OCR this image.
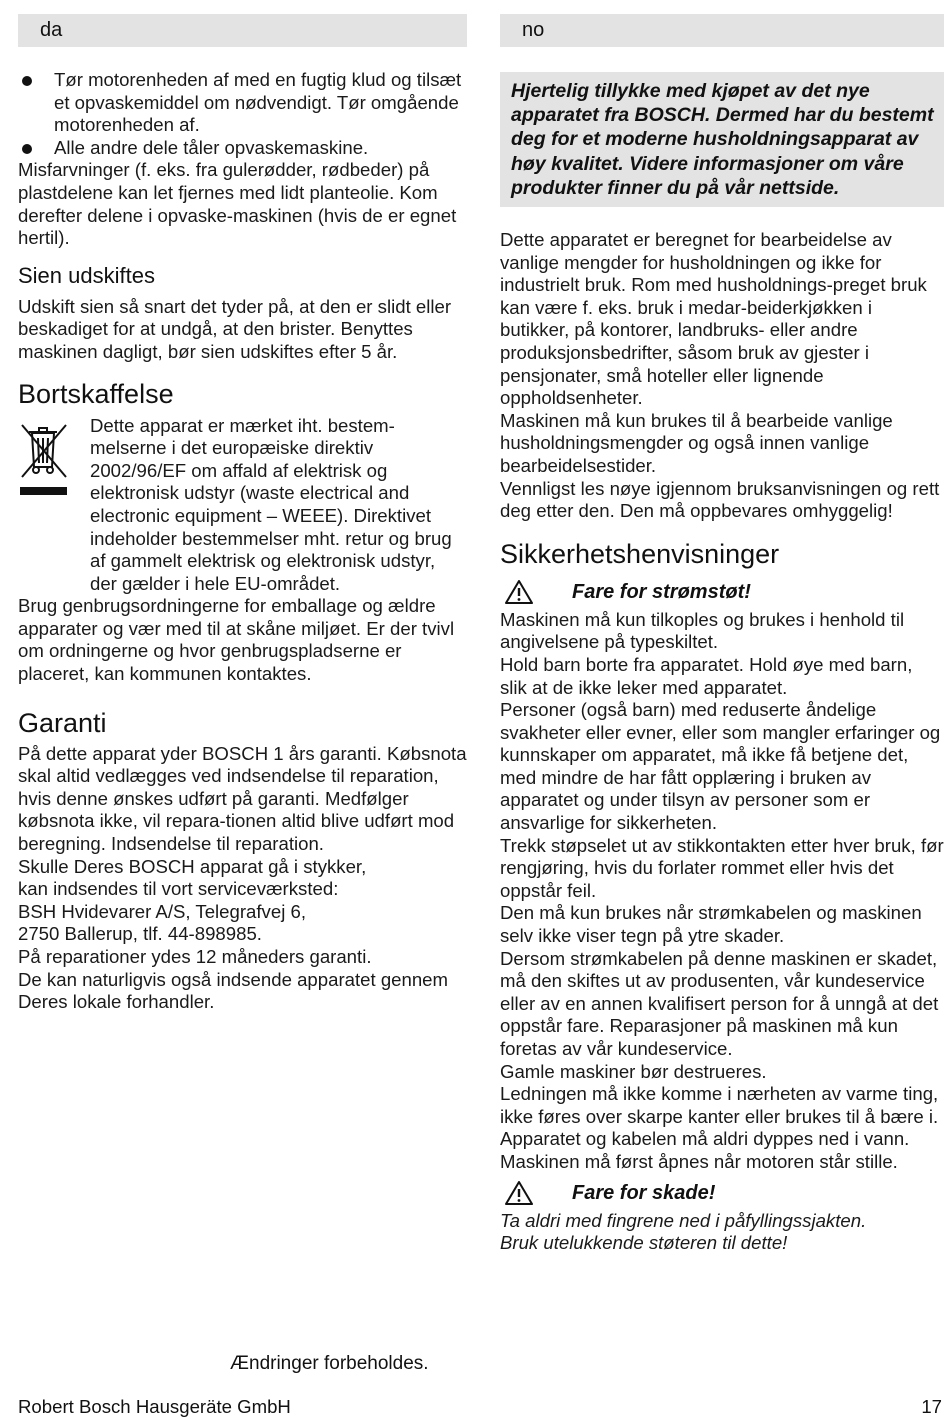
da
Tør motorenheden af med en fugtig klud og tilsæt et opvaskemiddel om nødvendigt. Tør omgående motorenheden af.
Alle andre dele tåler opvaskemaskine.

Misfarvninger (f. eks. fra gulerødder, rødbeder) på plastdelene kan let fjernes med lidt planteolie. Kom derefter delene i opvaske-maskinen (hvis de er egnet hertil).

Sien udskiftes

Udskift sien så snart det tyder på, at den er slidt eller beskadiget for at undgå, at den brister. Benyttes maskinen dagligt, bør sien udskiftes efter 5 år.

Bortskaffelse

Dette apparat er mærket iht. bestem-melserne i det europæiske direktiv 2002/96/EF om affald af elektrisk og elektronisk udstyr (waste electrical and electronic equipment – WEEE). Direktivet indeholder bestemmelser mht. retur og brug af gammelt elektrisk og elektronisk udstyr, der gælder i hele EU-området.

Brug genbrugsordningerne for emballage og ældre apparater og vær med til at skåne miljøet. Er der tvivl om ordningerne og hvor genbrugspladserne er placeret, kan kommunen kontaktes.

Garanti

På dette apparat yder BOSCH 1 års garanti. Købsnota skal altid vedlægges ved indsendelse til reparation, hvis denne ønskes udført på garanti. Medfølger købsnota ikke, vil repara-tionen altid blive udført mod beregning. Indsendelse til reparation.

Skulle Deres BOSCH apparat gå i stykker,

kan indsendes til vort serviceværksted:

BSH Hvidevarer A/S, Telegrafvej 6,

2750 Ballerup, tlf. 44-898985.

På reparationer ydes 12 måneders garanti.

De kan naturligvis også indsende apparatet gennem Deres lokale forhandler.

no
Hjertelig tillykke med kjøpet av det nye apparatet fra BOSCH. Dermed har du bestemt deg for et moderne husholdningsapparat av høy kvalitet. Videre informasjoner om våre produkter finner du på vår nettside.

Dette apparatet er beregnet for bearbeidelse av vanlige mengder for husholdningen og ikke for industrielt bruk. Rom med husholdnings-preget bruk kan være f. eks. bruk i medar-beiderkjøkken i butikker, på kontorer, landbruks- eller andre produksjonsbedrifter, såsom bruk av gjester i pensjonater, små hoteller eller lignende oppholdsenheter.

Maskinen må kun brukes til å bearbeide vanlige husholdningsmengder og også innen vanlige bearbeidelsestider.

Vennligst les nøye igjennom bruksanvisningen og rett deg etter den. Den må oppbevares omhyggelig!

Sikkerhetshenvisninger
Fare for strømstøt!

Maskinen må kun tilkoples og brukes i henhold til angivelsene på typeskiltet.

Hold barn borte fra apparatet. Hold øye med barn, slik at de ikke leker med apparatet.

Personer (også barn) med reduserte åndelige svakheter eller evner, eller som mangler erfaringer og kunnskaper om apparatet, må ikke få betjene det, med mindre de har fått opplæring i bruken av apparatet og under tilsyn av personer som er ansvarlige for sikkerheten.

Trekk støpselet ut av stikkontakten etter hver bruk, før rengjøring, hvis du forlater rommet eller hvis det oppstår feil.

Den må kun brukes når strømkabelen og maskinen selv ikke viser tegn på ytre skader.

Dersom strømkabelen på denne maskinen er skadet, må den skiftes ut av produsenten, vår kundeservice eller av en annen kvalifisert person for å unngå at det oppstår fare. Reparasjoner på maskinen må kun foretas av vår kundeservice.

Gamle maskiner bør destrueres.

Ledningen må ikke komme i nærheten av varme ting, ikke føres over skarpe kanter eller brukes til å bære i. Apparatet og kabelen må aldri dyppes ned i vann.

Maskinen må først åpnes når motoren står stille.

Fare for skade!

Ta aldri med fingrene ned i påfyllingssjakten.

Bruk utelukkende støteren til dette!

Ændringer forbeholdes.
Robert Bosch Hausgeräte GmbH	17
